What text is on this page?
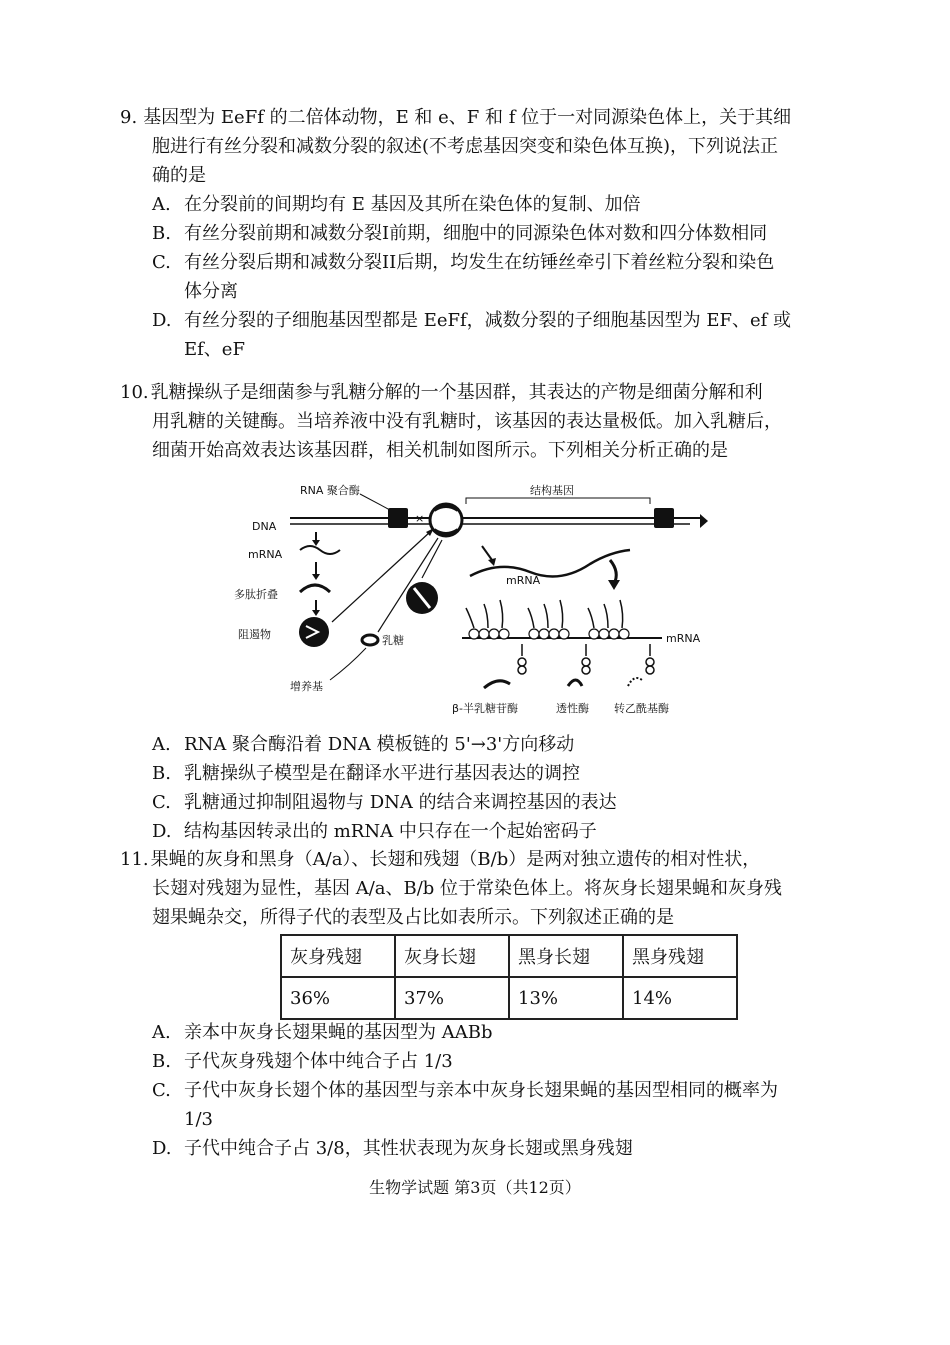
9. 基因型为 EeFf 的二倍体动物，E 和 e、F 和 f 位于一对同源染色体上，关于其细
胞进行有丝分裂和减数分裂的叙述(不考虑基因突变和染色体互换)，下列说法正
确的是
A. 在分裂前的间期均有 E 基因及其所在染色体的复制、加倍
B. 有丝分裂前期和减数分裂I前期，细胞中的同源染色体对数和四分体数相同
C. 有丝分裂后期和减数分裂II后期，均发生在纺锤丝牵引下着丝粒分裂和染色
体分离
D. 有丝分裂的子细胞基因型都是 EeFf，减数分裂的子细胞基因型为 EF、ef 或
Ef、eF
10. 乳糖操纵子是细菌参与乳糖分解的一个基因群，其表达的产物是细菌分解和利
用乳糖的关键酶。当培养液中没有乳糖时，该基因的表达量极低。加入乳糖后，
细菌开始高效表达该基因群，相关机制如图所示。下列相关分析正确的是
×
结构基因
RNA 聚合酶
DNA
mRNA
多肽折叠
阻遏物	乳糖
增养基
mRNA
mRNA
β-半乳糖苷酶	透性酶 转乙酰基酶
A. RNA 聚合酶沿着 DNA 模板链的 5'→3'方向移动
B. 乳糖操纵子模型是在翻译水平进行基因表达的调控
C. 乳糖通过抑制阻遏物与 DNA 的结合来调控基因的表达
D. 结构基因转录出的 mRNA 中只存在一个起始密码子
11. 果蝇的灰身和黑身（A/a）、长翅和残翅（B/b）是两对独立遗传的相对性状，
长翅对残翅为显性，基因 A/a、B/b 位于常染色体上。将灰身长翅果蝇和灰身残
翅果蝇杂交，所得子代的表型及占比如表所示。下列叙述正确的是
灰身残翅	灰身长翅	黑身长翅	黑身残翅
36%	37%	13%	14%
A. 亲本中灰身长翅果蝇的基因型为 AABb
B. 子代灰身残翅个体中纯合子占 1/3
C. 子代中灰身长翅个体的基因型与亲本中灰身长翅果蝇的基因型相同的概率为
1/3
D. 子代中纯合子占 3/8，其性状表现为灰身长翅或黑身残翅
生物学试题 第3页（共12页）
